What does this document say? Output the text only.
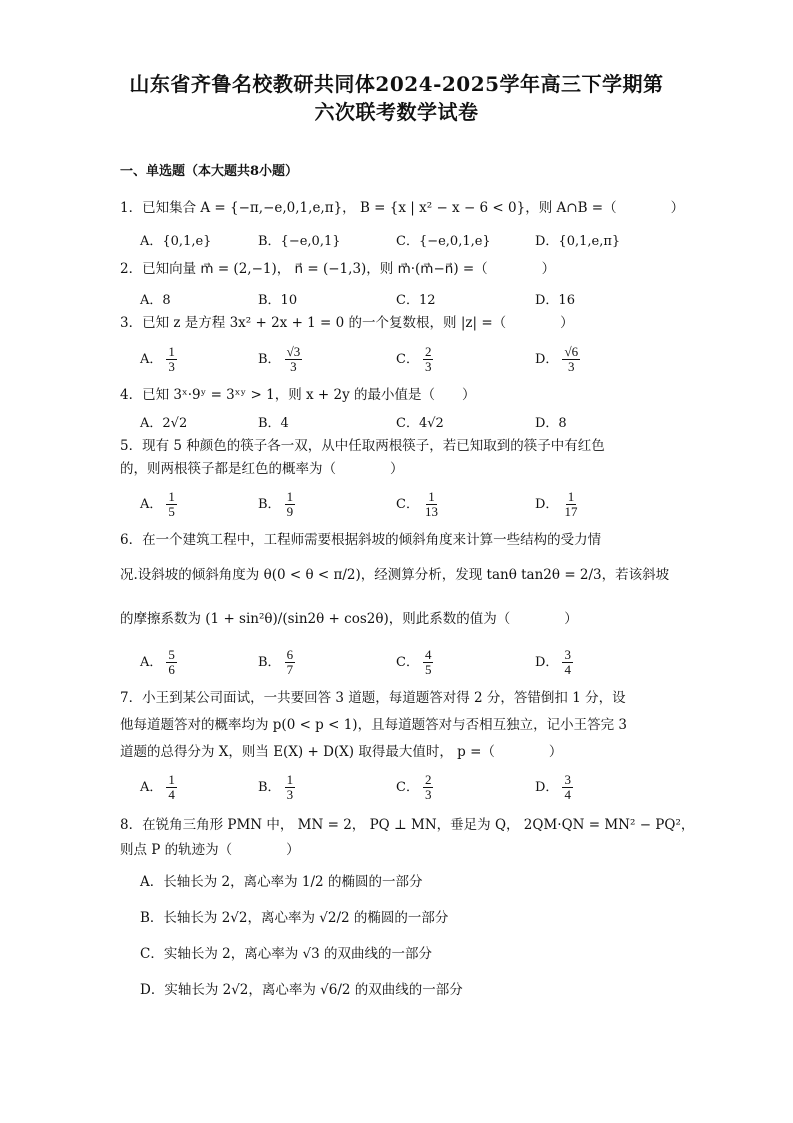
山东省齐鲁名校教研共同体2024-2025学年高三下学期第
六次联考数学试卷
一、单选题（本大题共8小题）
1．已知集合 A = {−π,−e,0,1,e,π}， B = {x | x² − x − 6 < 0}，则 A∩B =（　　　　）
A．{0,1,e}	B．{−e,0,1}	C．{−e,0,1,e}	D．{0,1,e,π}
2．已知向量 m⃗ = (2,−1)， n⃗ = (−1,3)，则 m⃗·(m⃗−n⃗) =（　　　　）
A．8	B．10	C．12	D．16
3．已知 z 是方程 3x² + 2x + 1 = 0 的一个复数根，则 |z| =（　　　　）
A． $\frac{1}{3}$	B． $\frac{√3}{3}$	C． $\frac{2}{3}$	D． $\frac{√6}{3}$
4．已知 3ˣ·9ʸ = 3ˣʸ > 1，则 x + 2y 的最小值是（　　）
A．2√2	B．4	C．4√2	D．8
5．现有 5 种颜色的筷子各一双，从中任取两根筷子，若已知取到的筷子中有红色
的，则两根筷子都是红色的概率为（　　　　）
A． $\frac{1}{5}$	B． $\frac{1}{9}$	C． $\frac{1}{13}$	D． $\frac{1}{17}$
6．在一个建筑工程中，工程师需要根据斜坡的倾斜角度来计算一些结构的受力情
况.设斜坡的倾斜角度为 θ(0 < θ < π/2)，经测算分析，发现 tanθ tan2θ = 2/3，若该斜坡
的摩擦系数为 (1 + sin²θ)/(sin2θ + cos2θ)，则此系数的值为（　　　　）
A． $\frac{5}{6}$	B． $\frac{6}{7}$	C． $\frac{4}{5}$	D． $\frac{3}{4}$
7．小王到某公司面试，一共要回答 3 道题，每道题答对得 2 分，答错倒扣 1 分，设
他每道题答对的概率均为 p(0 < p < 1)，且每道题答对与否相互独立，记小王答完 3
道题的总得分为 X，则当 E(X) + D(X) 取得最大值时， p =（　　　　）
A． $\frac{1}{4}$	B． $\frac{1}{3}$	C． $\frac{2}{3}$	D． $\frac{3}{4}$
8．在锐角三角形 PMN 中， MN = 2， PQ ⊥ MN，垂足为 Q， 2QM·QN = MN² − PQ²，
则点 P 的轨迹为（　　　　）
A．长轴长为 2，离心率为 1/2 的椭圆的一部分
B．长轴长为 2√2，离心率为 √2/2 的椭圆的一部分
C．实轴长为 2，离心率为 √3 的双曲线的一部分
D．实轴长为 2√2，离心率为 √6/2 的双曲线的一部分
